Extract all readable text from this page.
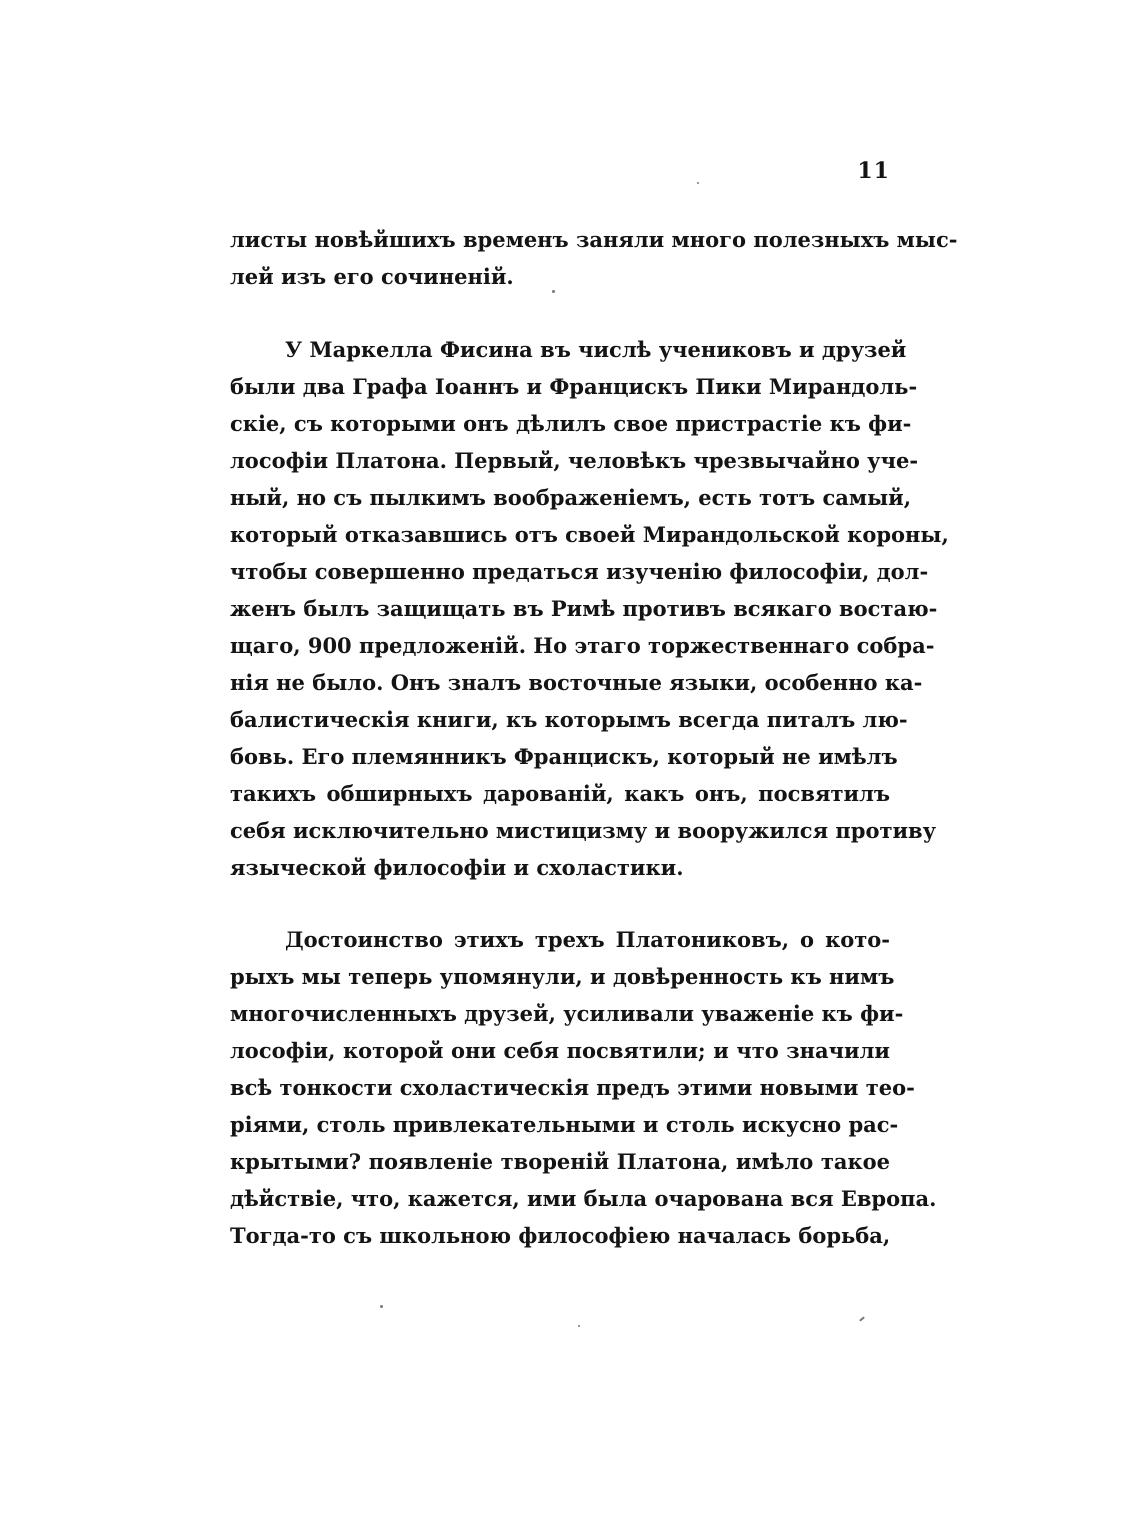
11
листы новѣйшихъ временъ заняли много полезныхъ мыс-
лей изъ его сочиненій.
У Маркелла Фисина въ числѣ учениковъ и друзей
были два Графа Іоаннъ и Францискъ Пики Мирандоль-
скіе, съ которыми онъ дѣлилъ свое пристрастіе къ фи-
лософіи Платона. Первый, человѣкъ чрезвычайно уче-
ный, но съ пылкимъ воображеніемъ, есть тотъ самый,
который отказавшись отъ своей Мирандольской короны,
чтобы совершенно предаться изученію философіи, дол-
женъ былъ защищать въ Римѣ противъ всякаго востаю-
щаго, 900 предложеній. Но этаго торжественнаго собра-
нія не было. Онъ зналъ восточные языки, особенно ка-
балистическія книги, къ которымъ всегда питалъ лю-
бовь. Его племянникъ Францискъ, который не имѣлъ
такихъ обширныхъ дарованій, какъ онъ, посвятилъ
себя исключительно мистицизму и вооружился противу
языческой философіи и схоластики.
Достоинство этихъ трехъ Платониковъ, о кото-
рыхъ мы теперь упомянули, и довѣренность къ нимъ
многочисленныхъ друзей, усиливали уваженіе къ фи-
лософіи, которой они себя посвятили; и что значили
всѣ тонкости схоластическія предъ этими новыми тео-
ріями, столь привлекательными и столь искусно рас-
крытыми? появленіе твореній Платона, имѣло такое
дѣйствіе, что, кажется, ими была очарована вся Европа.
Тогда-то съ школьною философіею началась борьба,
